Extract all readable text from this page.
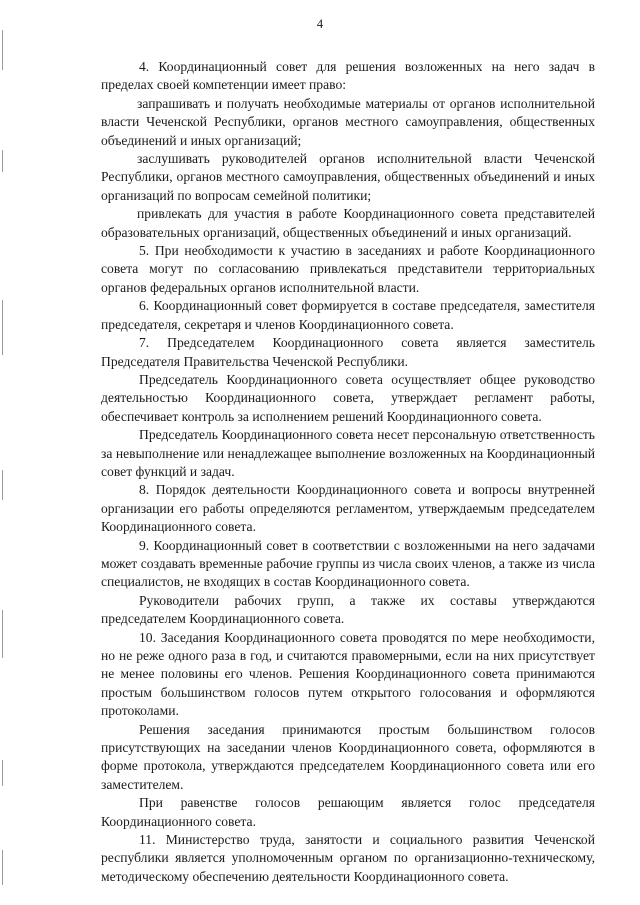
4

4. Координационный совет для решения возложенных на него задач в пределах своей компетенции имеет право:

запрашивать и получать необходимые материалы от органов исполнительной власти Чеченской Республики, органов местного самоуправления, общественных объединений и иных организаций;

заслушивать руководителей органов исполнительной власти Чеченской Республики, органов местного самоуправления, общественных объединений и иных организаций по вопросам семейной политики;

привлекать для участия в работе Координационного совета представителей образовательных организаций, общественных объединений и иных организаций.

5. При необходимости к участию в заседаниях и работе Координационного совета могут по согласованию привлекаться представители территориальных органов федеральных органов исполнительной власти.

6. Координационный совет формируется в составе председателя, заместителя председателя, секретаря и членов Координационного совета.

7. Председателем Координационного совета является заместитель Председателя Правительства Чеченской Республики.

Председатель Координационного совета осуществляет общее руководство деятельностью Координационного совета, утверждает регламент работы, обеспечивает контроль за исполнением решений Координационного совета.

Председатель Координационного совета несет персональную ответственность за невыполнение или ненадлежащее выполнение возложенных на Координационный совет функций и задач.

8. Порядок деятельности Координационного совета и вопросы внутренней организации его работы определяются регламентом, утверждаемым председателем Координационного совета.

9. Координационный совет в соответствии с возложенными на него задачами может создавать временные рабочие группы из числа своих членов, а также из числа специалистов, не входящих в состав Координационного совета.

Руководители рабочих групп, а также их составы утверждаются председателем Координационного совета.

10. Заседания Координационного совета проводятся по мере необходимости, но не реже одного раза в год, и считаются правомерными, если на них присутствует не менее половины его членов. Решения Координационного совета принимаются простым большинством голосов путем открытого голосования и оформляются протоколами.

Решения заседания принимаются простым большинством голосов присутствующих на заседании членов Координационного совета, оформляются в форме протокола, утверждаются председателем Координационного совета или его заместителем.

При равенстве голосов решающим является голос председателя Координационного совета.

11. Министерство труда, занятости и социального развития Чеченской республики является уполномоченным органом по организационно-техническому, методическому обеспечению деятельности Координационного совета.
